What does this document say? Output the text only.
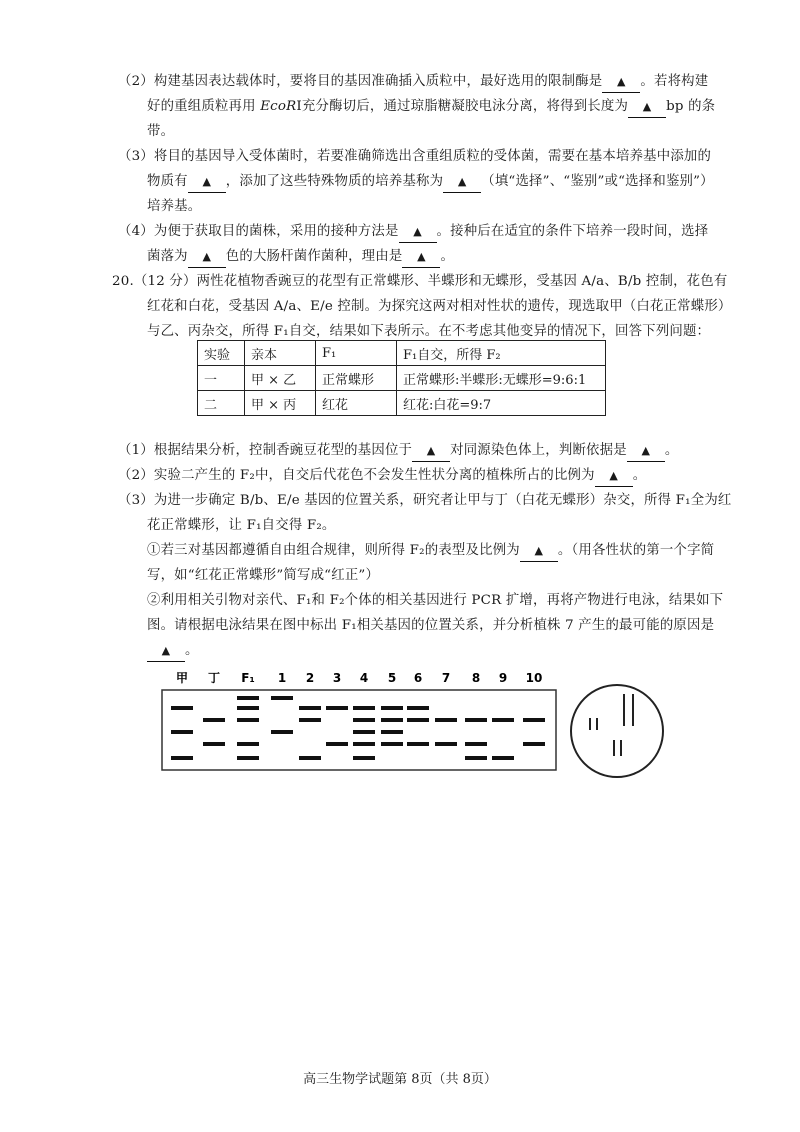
（2）构建基因表达载体时，要将目的基因准确插入质粒中，最好选用的限制酶是 ▲ 。若将构建
好的重组质粒再用 EcoRⅠ充分酶切后，通过琼脂糖凝胶电泳分离，将得到长度为 ▲ bp 的条
带。
（3）将目的基因导入受体菌时，若要准确筛选出含重组质粒的受体菌，需要在基本培养基中添加的
物质有 ▲ ，添加了这些特殊物质的培养基称为 ▲ （填“选择”、“鉴别”或“选择和鉴别”）
培养基。
（4）为便于获取目的菌株，采用的接种方法是 ▲ 。接种后在适宜的条件下培养一段时间，选择
菌落为 ▲ 色的大肠杆菌作菌种，理由是 ▲ 。
20.（12 分）两性花植物香豌豆的花型有正常蝶形、半蝶形和无蝶形，受基因 A/a、B/b 控制，花色有
红花和白花，受基因 A/a、E/e 控制。为探究这两对相对性状的遗传，现选取甲（白花正常蝶形）
与乙、丙杂交，所得 F₁自交，结果如下表所示。在不考虑其他变异的情况下，回答下列问题：
实验	亲本	F₁	F₁自交，所得 F₂
一	甲 × 乙	正常蝶形	正常蝶形:半蝶形:无蝶形=9:6:1
二	甲 × 丙	红花	红花:白花=9:7
（1）根据结果分析，控制香豌豆花型的基因位于 ▲ 对同源染色体上，判断依据是 ▲ 。
（2）实验二产生的 F₂中，自交后代花色不会发生性状分离的植株所占的比例为 ▲ 。
（3）为进一步确定 B/b、E/e 基因的位置关系，研究者让甲与丁（白花无蝶形）杂交，所得 F₁全为红
花正常蝶形，让 F₁自交得 F₂。
①若三对基因都遵循自由组合规律，则所得 F₂的表型及比例为 ▲ 。（用各性状的第一个字简
写，如“红花正常蝶形”简写成“红正”）
②利用相关引物对亲代、F₁和 F₂个体的相关基因进行 PCR 扩增，再将产物进行电泳，结果如下
图。请根据电泳结果在图中标出 F₁相关基因的位置关系，并分析植株 7 产生的最可能的原因是
▲ 。
甲 丁 F₁ 1 2 3 4 5 6 7 8 9 10
高三生物学试题第 8页（共 8页）
